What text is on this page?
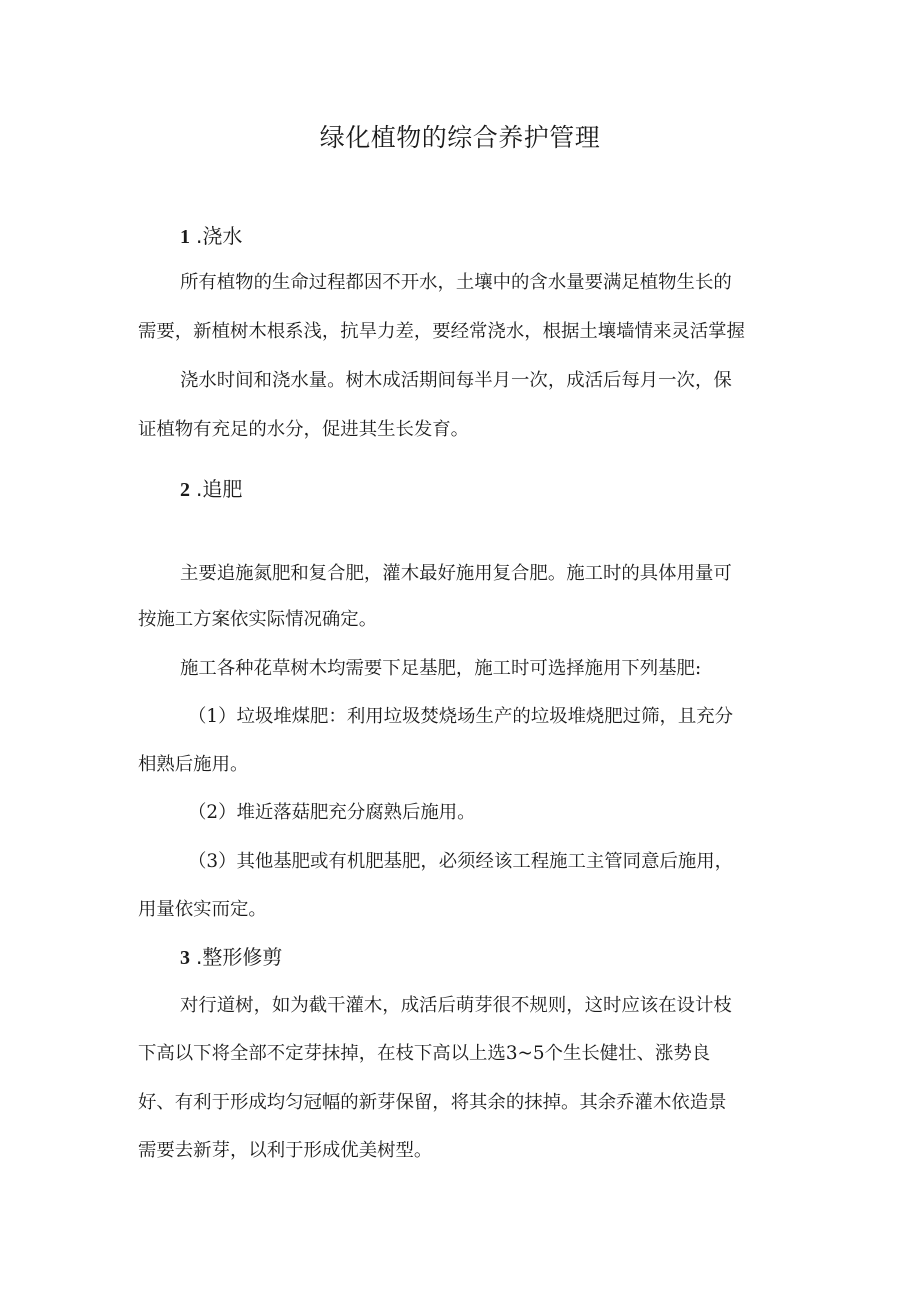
绿化植物的综合养护管理
1 .浇水
所有植物的生命过程都因不开水，土壤中的含水量要满足植物生长的
需要，新植树木根系浅，抗旱力差，要经常浇水，根据土壤墙情来灵活掌握
浇水时间和浇水量。树木成活期间每半月一次，成活后每月一次，保
证植物有充足的水分，促进其生长发育。
2 .追肥
主要追施氮肥和复合肥，灌木最好施用复合肥。施工时的具体用量可
按施工方案依实际情况确定。
施工各种花草树木均需要下足基肥，施工时可选择施用下列基肥:
（1）垃圾堆煤肥：利用垃圾焚烧场生产的垃圾堆烧肥过筛，且充分
相熟后施用。
（2）堆近落菇肥充分腐熟后施用。
（3）其他基肥或有机肥基肥，必须经该工程施工主管同意后施用，
用量依实而定。
3 .整形修剪
对行道树，如为截干灌木，成活后萌芽很不规则，这时应该在设计枝
下高以下将全部不定芽抹掉，在枝下高以上选3~5个生长健壮、涨势良
好、有利于形成均匀冠幅的新芽保留，将其余的抹掉。其余乔灌木依造景
需要去新芽，以利于形成优美树型。
